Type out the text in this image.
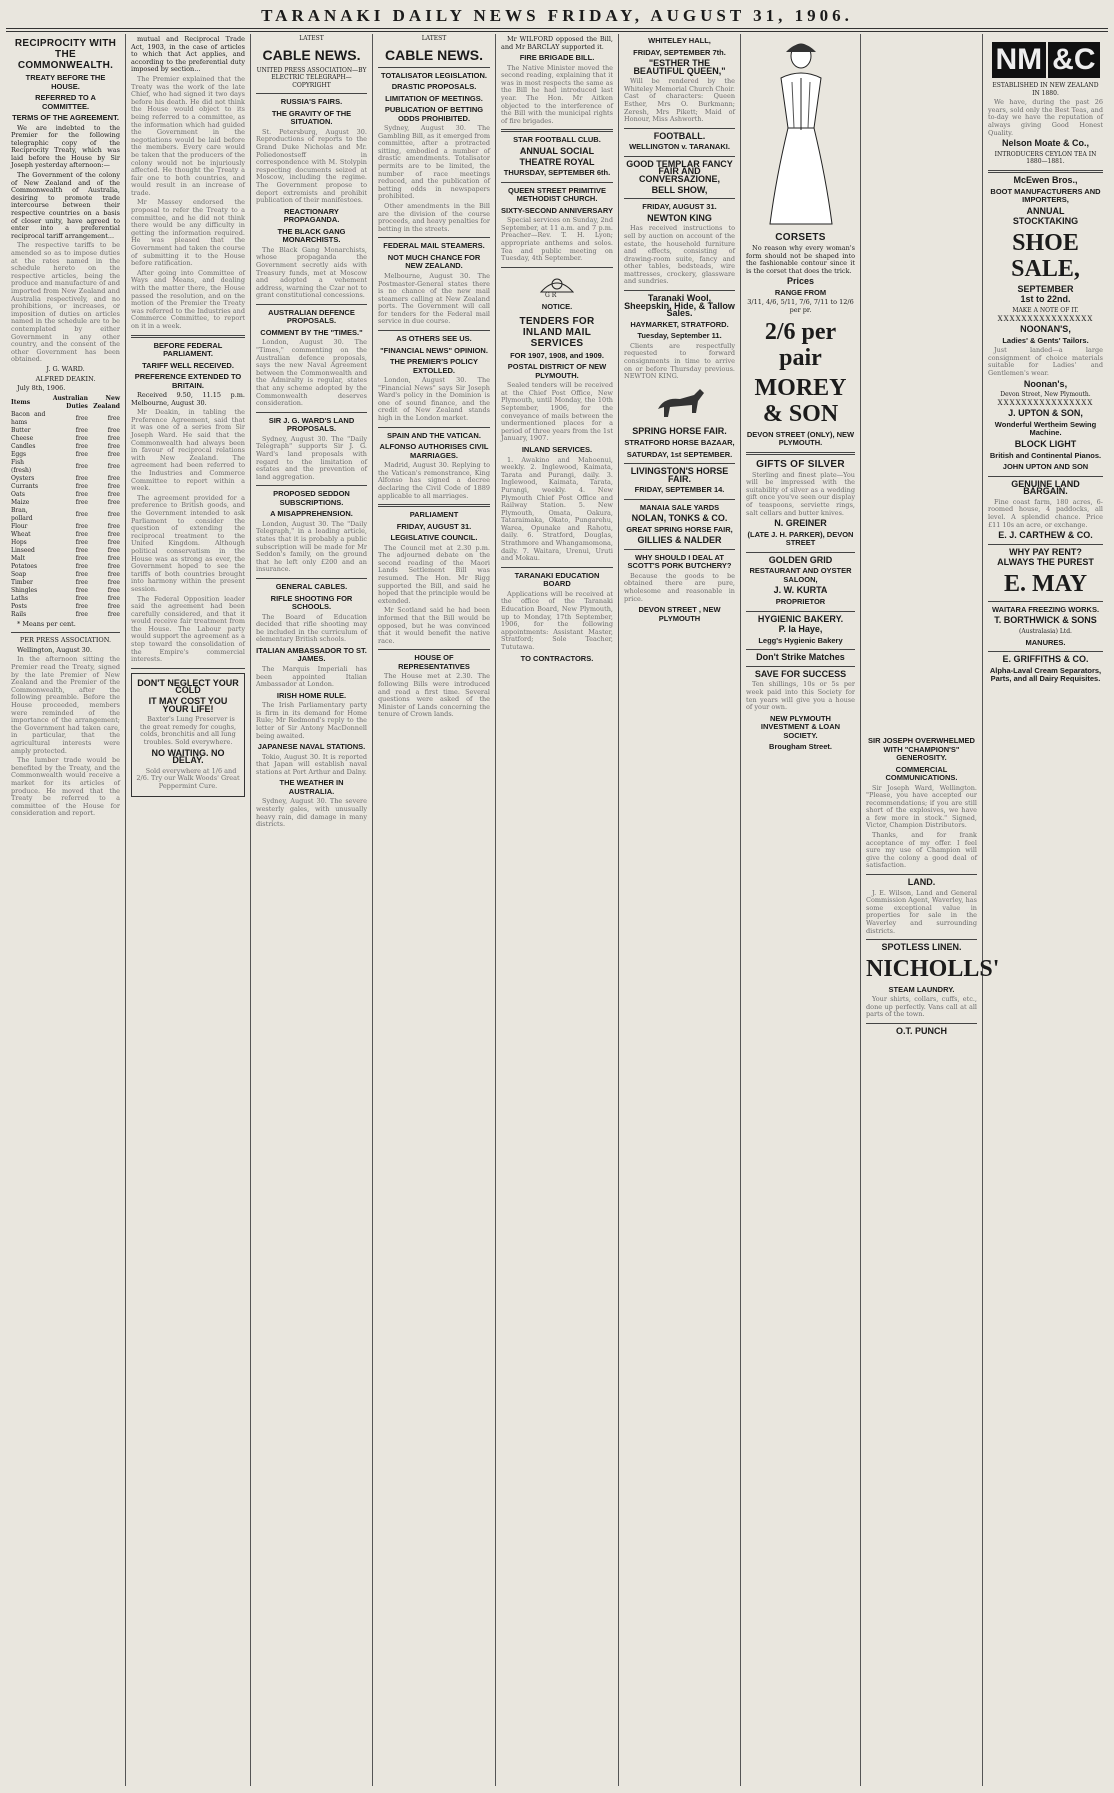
TARANAKI DAILY NEWS FRIDAY, AUGUST 31, 1906.
RECIPROCITY WITH THE COMMONWEALTH.
TREATY BEFORE THE HOUSE.
REFERRED TO A COMMITTEE.
TERMS OF THE AGREEMENT.

We are indebted to the Premier for the following telegraphic copy of the Reciprocity Treaty, which was laid before the House by Sir Joseph yesterday afternoon:—

The Government of the colony of New Zealand and of the Commonwealth of Australia, desiring to promote trade intercourse between their respective countries on a basis of closer unity, have agreed to enter into a preferential reciprocal tariff arrangement...

The respective tariffs to be amended so as to impose duties at the rates named in the schedule hereto on the respective articles, being the produce and manufacture of and imported from New Zealand and Australia respectively, and no prohibitions, or increases, or imposition of duties on articles named in the schedule are to be contemplated by either Government in any other country, and the consent of the other Government has been obtained.

J. G. WARD.

ALFRED DEAKIN.

July 8th, 1906.

Items	Australian Duties	New Zealand
Bacon and hams	free	free
Butter	free	free
Cheese	free	free
Candles	free	free
Eggs	free	free
Fish (fresh)	free	free
Oysters	free	free
Currants	free	free
Oats	free	free
Maize	free	free
Bran, pollard	free	free
Flour	free	free
Wheat	free	free
Hops	free	free
Linseed	free	free
Malt	free	free
Potatoes	free	free
Soap	free	free
Timber	free	free
Shingles	free	free
Laths	free	free
Posts	free	free
Rails	free	free

* Means per cent.

PER PRESS ASSOCIATION.

Wellington, August 30.

In the afternoon sitting the Premier read the Treaty, signed by the late Premier of New Zealand and the Premier of the Commonwealth, after the following preamble. Before the House proceeded, members were reminded of the importance of the arrangement; the Government had taken care, in particular, that the agricultural interests were amply protected.

The lumber trade would be benefited by the Treaty, and the Commonwealth would receive a market for its articles of produce. He moved that the Treaty be referred to a committee of the House for consideration and report.

mutual and Reciprocal Trade Act, 1903, in the case of articles to which that Act applies, and according to the preferential duty imposed by section...

The Premier explained that the Treaty was the work of the late Chief, who had signed it two days before his death. He did not think the House would object to its being referred to a committee, as the information which had guided the Government in the negotiations would be laid before the members. Every care would be taken that the producers of the colony would not be injuriously affected. He thought the Treaty a fair one to both countries, and would result in an increase of trade.

Mr Massey endorsed the proposal to refer the Treaty to a committee, and he did not think there would be any difficulty in getting the information required. He was pleased that the Government had taken the course of submitting it to the House before ratification.

After going into Committee of Ways and Means, and dealing with the matter there, the House passed the resolution, and on the motion of the Premier the Treaty was referred to the Industries and Commerce Committee, to report on it in a week.

BEFORE FEDERAL PARLIAMENT.
TARIFF WELL RECEIVED.
PREFERENCE EXTENDED TO BRITAIN.

Received 9.50, 11.15 p.m. Melbourne, August 30.

Mr Deakin, in tabling the Preference Agreement, said that it was one of a series from Sir Joseph Ward. He said that the Commonwealth had always been in favour of reciprocal relations with New Zealand. The agreement had been referred to the Industries and Commerce Committee to report within a week.

The agreement provided for a preference to British goods, and the Government intended to ask Parliament to consider the question of extending the reciprocal treatment to the United Kingdom. Although political conservatism in the House was as strong as ever, the Government hoped to see the tariffs of both countries brought into harmony within the present session.

The Federal Opposition leader said the agreement had been carefully considered, and that it would receive fair treatment from the House. The Labour party would support the agreement as a step toward the consolidation of the Empire's commercial interests.

DON'T NEGLECT YOUR COLD
IT MAY COST YOU YOUR LIFE!

Baxter's Lung Preserver is the great remedy for coughs, colds, bronchitis and all lung troubles. Sold everywhere.

NO WAITING. NO DELAY.

Sold everywhere at 1/6 and 2/6. Try our Walk Woods' Great Peppermint Cure.

LATEST
CABLE NEWS.
UNITED PRESS ASSOCIATION—BY ELECTRIC TELEGRAPH—COPYRIGHT
RUSSIA'S FAIRS.
THE GRAVITY OF THE SITUATION.

St. Petersburg, August 30. Reproductions of reports to the Grand Duke Nicholas and Mr. Poliedonostseff in correspondence with M. Stolypin respecting documents seized at Moscow, including the regime. The Government propose to deport extremists and prohibit publication of their manifestoes.

REACTIONARY PROPAGANDA.
THE BLACK GANG MONARCHISTS.

The Black Gang Monarchists, whose propaganda the Government secretly aids with Treasury funds, met at Moscow and adopted a vehement address, warning the Czar not to grant constitutional concessions.

AUSTRALIAN DEFENCE PROPOSALS.
COMMENT BY THE "TIMES."

London, August 30. The "Times," commenting on the Australian defence proposals, says the new Naval Agreement between the Commonwealth and the Admiralty is regular, states that any scheme adopted by the Commonwealth deserves consideration.

SIR J. G. WARD'S LAND PROPOSALS.

Sydney, August 30. The "Daily Telegraph" supports Sir J. G. Ward's land proposals with regard to the limitation of estates and the prevention of land aggregation.

PROPOSED SEDDON SUBSCRIPTIONS.
A MISAPPREHENSION.

London, August 30. The "Daily Telegraph," in a leading article, states that it is probably a public subscription will be made for Mr Seddon's family, on the ground that he left only £200 and an insurance.

GENERAL CABLES.
RIFLE SHOOTING FOR SCHOOLS.

The Board of Education decided that rifle shooting may be included in the curriculum of elementary British schools.

ITALIAN AMBASSADOR TO ST. JAMES.

The Marquis Imperiali has been appointed Italian Ambassador at London.

IRISH HOME RULE.

The Irish Parliamentary party is firm in its demand for Home Rule; Mr Redmond's reply to the letter of Sir Antony MacDonnell being awaited.

JAPANESE NAVAL STATIONS.

Tokio, August 30. It is reported that Japan will establish naval stations at Port Arthur and Dalny.

THE WEATHER IN AUSTRALIA.

Sydney, August 30. The severe westerly gales, with unusually heavy rain, did damage in many districts.

LATEST
CABLE NEWS.
TOTALISATOR LEGISLATION.
DRASTIC PROPOSALS.
LIMITATION OF MEETINGS.
PUBLICATION OF BETTING ODDS PROHIBITED.

Sydney, August 30. The Gambling Bill, as it emerged from committee, after a protracted sitting, embodied a number of drastic amendments. Totalisator permits are to be limited, the number of race meetings reduced, and the publication of betting odds in newspapers prohibited.

Other amendments in the Bill are the division of the course proceeds, and heavy penalties for betting in the streets.

FEDERAL MAIL STEAMERS.
NOT MUCH CHANCE FOR NEW ZEALAND.

Melbourne, August 30. The Postmaster-General states there is no chance of the new mail steamers calling at New Zealand ports. The Government will call for tenders for the Federal mail service in due course.

AS OTHERS SEE US.
"FINANCIAL NEWS" OPINION.
THE PREMIER'S POLICY EXTOLLED.

London, August 30. The "Financial News" says Sir Joseph Ward's policy in the Dominion is one of sound finance, and the credit of New Zealand stands high in the London market.

SPAIN AND THE VATICAN.
ALFONSO AUTHORISES CIVIL MARRIAGES.

Madrid, August 30. Replying to the Vatican's remonstrance, King Alfonso has signed a decree declaring the Civil Code of 1889 applicable to all marriages.

PARLIAMENT
FRIDAY, AUGUST 31.
LEGISLATIVE COUNCIL.

The Council met at 2.30 p.m. The adjourned debate on the second reading of the Maori Lands Settlement Bill was resumed. The Hon. Mr Rigg supported the Bill, and said he hoped that the principle would be extended.

Mr Scotland said he had been informed that the Bill would be opposed, but he was convinced that it would benefit the native race.

HOUSE OF REPRESENTATIVES

The House met at 2.30. The following Bills were introduced and read a first time. Several questions were asked of the Minister of Lands concerning the tenure of Crown lands.

Mr WILFORD opposed the Bill, and Mr BARCLAY supported it.

FIRE BRIGADE BILL.

The Native Minister moved the second reading, explaining that it was in most respects the same as the Bill he had introduced last year. The Hon. Mr Aitken objected to the interference of the Bill with the municipal rights of fire brigades.

STAR FOOTBALL CLUB.
ANNUAL SOCIAL
THEATRE ROYAL
THURSDAY, SEPTEMBER 6th.
QUEEN STREET PRIMITIVE METHODIST CHURCH.
SIXTY-SECOND ANNIVERSARY

Special services on Sunday, 2nd September, at 11 a.m. and 7 p.m. Preacher—Rev. T. H. Lyon; appropriate anthems and solos. Tea and public meeting on Tuesday, 4th September.

G R
NOTICE.
TENDERS FOR INLAND MAIL SERVICES
FOR 1907, 1908, and 1909.
POSTAL DISTRICT OF NEW PLYMOUTH.

Sealed tenders will be received at the Chief Post Office, New Plymouth, until Monday, the 10th September, 1906, for the conveyance of mails between the undermentioned places for a period of three years from the 1st January, 1907.

INLAND SERVICES.

1. Awakino and Mahoenui, weekly. 2. Inglewood, Kaimata, Tarata and Purangi, daily. 3. Inglewood, Kaimata, Tarata, Purangi, weekly. 4. New Plymouth Chief Post Office and Railway Station. 5. New Plymouth, Omata, Oakura, Tataraimaka, Okato, Pungarehu, Warea, Opunake and Rahotu, daily. 6. Stratford, Douglas, Strathmore and Whangamomona, daily. 7. Waitara, Urenui, Uruti and Mokau.

TARANAKI EDUCATION BOARD

Applications will be received at the office of the Taranaki Education Board, New Plymouth, up to Monday, 17th September, 1906, for the following appointments: Assistant Master, Stratford; Sole Teacher, Tututawa.

TO CONTRACTORS.
WHITELEY HALL,
FRIDAY, SEPTEMBER 7th.
"ESTHER THE BEAUTIFUL QUEEN,"

Will be rendered by the Whiteley Memorial Church Choir. Cast of characters: Queen Esther, Mrs O. Burkmann; Zeresh, Mrs Pikett; Maid of Honour, Miss Ashworth.

FOOTBALL.
WELLINGTON v. TARANAKI.
GOOD TEMPLAR FANCY FAIR AND CONVERSAZIONE,
BELL SHOW,
FRIDAY, AUGUST 31.
NEWTON KING

Has received instructions to sell by auction on account of the estate, the household furniture and effects, consisting of drawing-room suite, fancy and other tables, bedsteads, wire mattresses, crockery, glassware and sundries.

Taranaki Wool, Sheepskin, Hide, & Tallow Sales.
HAYMARKET, STRATFORD.
Tuesday, September 11.

Clients are respectfully requested to forward consignments in time to arrive on or before Thursday previous. NEWTON KING.

SPRING HORSE FAIR.
STRATFORD HORSE BAZAAR,
SATURDAY, 1st SEPTEMBER.
LIVINGSTON'S HORSE FAIR.
FRIDAY, SEPTEMBER 14.
MANAIA SALE YARDS
NOLAN, TONKS & CO.
GREAT SPRING HORSE FAIR,
GILLIES & NALDER
WHY SHOULD I DEAL AT SCOTT'S PORK BUTCHERY?

Because the goods to be obtained there are pure, wholesome and reasonable in price.

DEVON STREET , NEW PLYMOUTH
CORSETS

No reason why every woman's form should not be shaped into the fashionable contour since it is the corset that does the trick.

Prices
RANGE FROM

3/11, 4/6, 5/11, 7/6, 7/11 to 12/6 per pr.

2/6 per pair
MOREY & SON
DEVON STREET (ONLY), NEW PLYMOUTH.
GIFTS OF SILVER

Sterling and finest plate—You will be impressed with the suitability of silver as a wedding gift once you've seen our display of teaspoons, serviette rings, salt cellars and butter knives.

N. GREINER
(LATE J. H. PARKER), DEVON STREET
GOLDEN GRID
RESTAURANT AND OYSTER SALOON,
J. W. KURTA
PROPRIETOR
HYGIENIC BAKERY.
P. la Haye,
Legg's Hygienic Bakery
Don't Strike Matches
SAVE FOR SUCCESS

Ten shillings, 10s or 5s per week paid into this Society for ten years will give you a house of your own.

NEW PLYMOUTH INVESTMENT & LOAN SOCIETY.
Brougham Street.
SIR JOSEPH OVERWHELMED WITH "CHAMPION'S" GENEROSITY.
COMMERCIAL COMMUNICATIONS.

Sir Joseph Ward, Wellington. "Please, you have accepted our recommendations; if you are still short of the explosives, we have a few more in stock." Signed, Victor, Champion Distributors.

Thanks, and for frank acceptance of my offer. I feel sure my use of Champion will give the colony a good deal of satisfaction.

LAND.

J. E. Wilson, Land and General Commission Agent, Waverley, has some exceptional value in properties for sale in the Waverley and surrounding districts.

SPOTLESS LINEN.
NICHOLLS'
STEAM LAUNDRY.

Your shirts, collars, cuffs, etc., done up perfectly. Vans call at all parts of the town.

O.T. PUNCH
NM &C
ESTABLISHED IN NEW ZEALAND IN 1880.

We have, during the past 26 years, sold only the Best Teas, and to-day we have the reputation of always giving Good Honest Quality.

Nelson Moate & Co.,
INTRODUCERS CEYLON TEA IN 1880—1881.
McEwen Bros.,
BOOT MANUFACTURERS AND IMPORTERS,
ANNUAL
STOCKTAKING
SHOE SALE,
SEPTEMBER
1st to 22nd.
MAKE A NOTE OF IT.
XXXXXXXXXXXXXXXX
NOONAN'S,
Ladies' & Gents' Tailors.

Just landed—a large consignment of choice materials suitable for Ladies' and Gentlemen's wear.

Noonan's,
Devon Street, New Plymouth.
XXXXXXXXXXXXXXXX
J. UPTON & SON,
Wonderful Wertheim Sewing Machine.
BLOCK LIGHT
British and Continental Pianos.
JOHN UPTON AND SON
GENUINE LAND BARGAIN.

Fine coast farm, 180 acres, 6-roomed house, 4 paddocks, all level. A splendid chance. Price £11 10s an acre, or exchange.

E. J. CARTHEW & CO.
WHY PAY RENT?
ALWAYS THE PUREST
E. MAY
WAITARA FREEZING WORKS.
T. BORTHWICK & SONS
(Australasia) Ltd.
MANURES.
E. GRIFFITHS & CO.
Alpha-Laval Cream Separators, Parts, and all Dairy Requisites.
